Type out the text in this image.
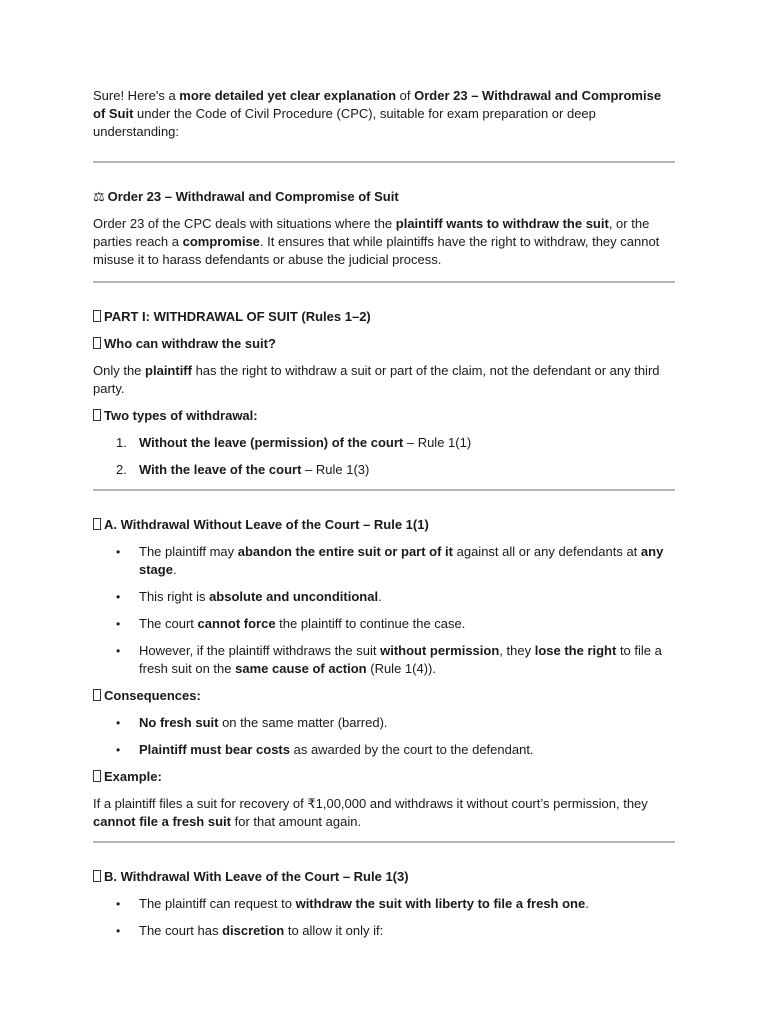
Sure! Here's a more detailed yet clear explanation of Order 23 – Withdrawal and Compromise of Suit under the Code of Civil Procedure (CPC), suitable for exam preparation or deep understanding:

⚖ Order 23 – Withdrawal and Compromise of Suit

Order 23 of the CPC deals with situations where the plaintiff wants to withdraw the suit, or the parties reach a compromise. It ensures that while plaintiffs have the right to withdraw, they cannot misuse it to harass defendants or abuse the judicial process.

PART I: WITHDRAWAL OF SUIT (Rules 1–2)

Who can withdraw the suit?

Only the plaintiff has the right to withdraw a suit or part of the claim, not the defendant or any third party.

Two types of withdrawal:

1. Without the leave (permission) of the court – Rule 1(1)
2. With the leave of the court – Rule 1(3)

A. Withdrawal Without Leave of the Court – Rule 1(1)

• The plaintiff may abandon the entire suit or part of it against all or any defendants at any stage.
• This right is absolute and unconditional.
• The court cannot force the plaintiff to continue the case.
• However, if the plaintiff withdraws the suit without permission, they lose the right to file a fresh suit on the same cause of action (Rule 1(4)).

Consequences:

• No fresh suit on the same matter (barred).
• Plaintiff must bear costs as awarded by the court to the defendant.

Example:

If a plaintiff files a suit for recovery of ₹1,00,000 and withdraws it without court’s permission, they cannot file a fresh suit for that amount again.

B. Withdrawal With Leave of the Court – Rule 1(3)

• The plaintiff can request to withdraw the suit with liberty to file a fresh one.
• The court has discretion to allow it only if:
